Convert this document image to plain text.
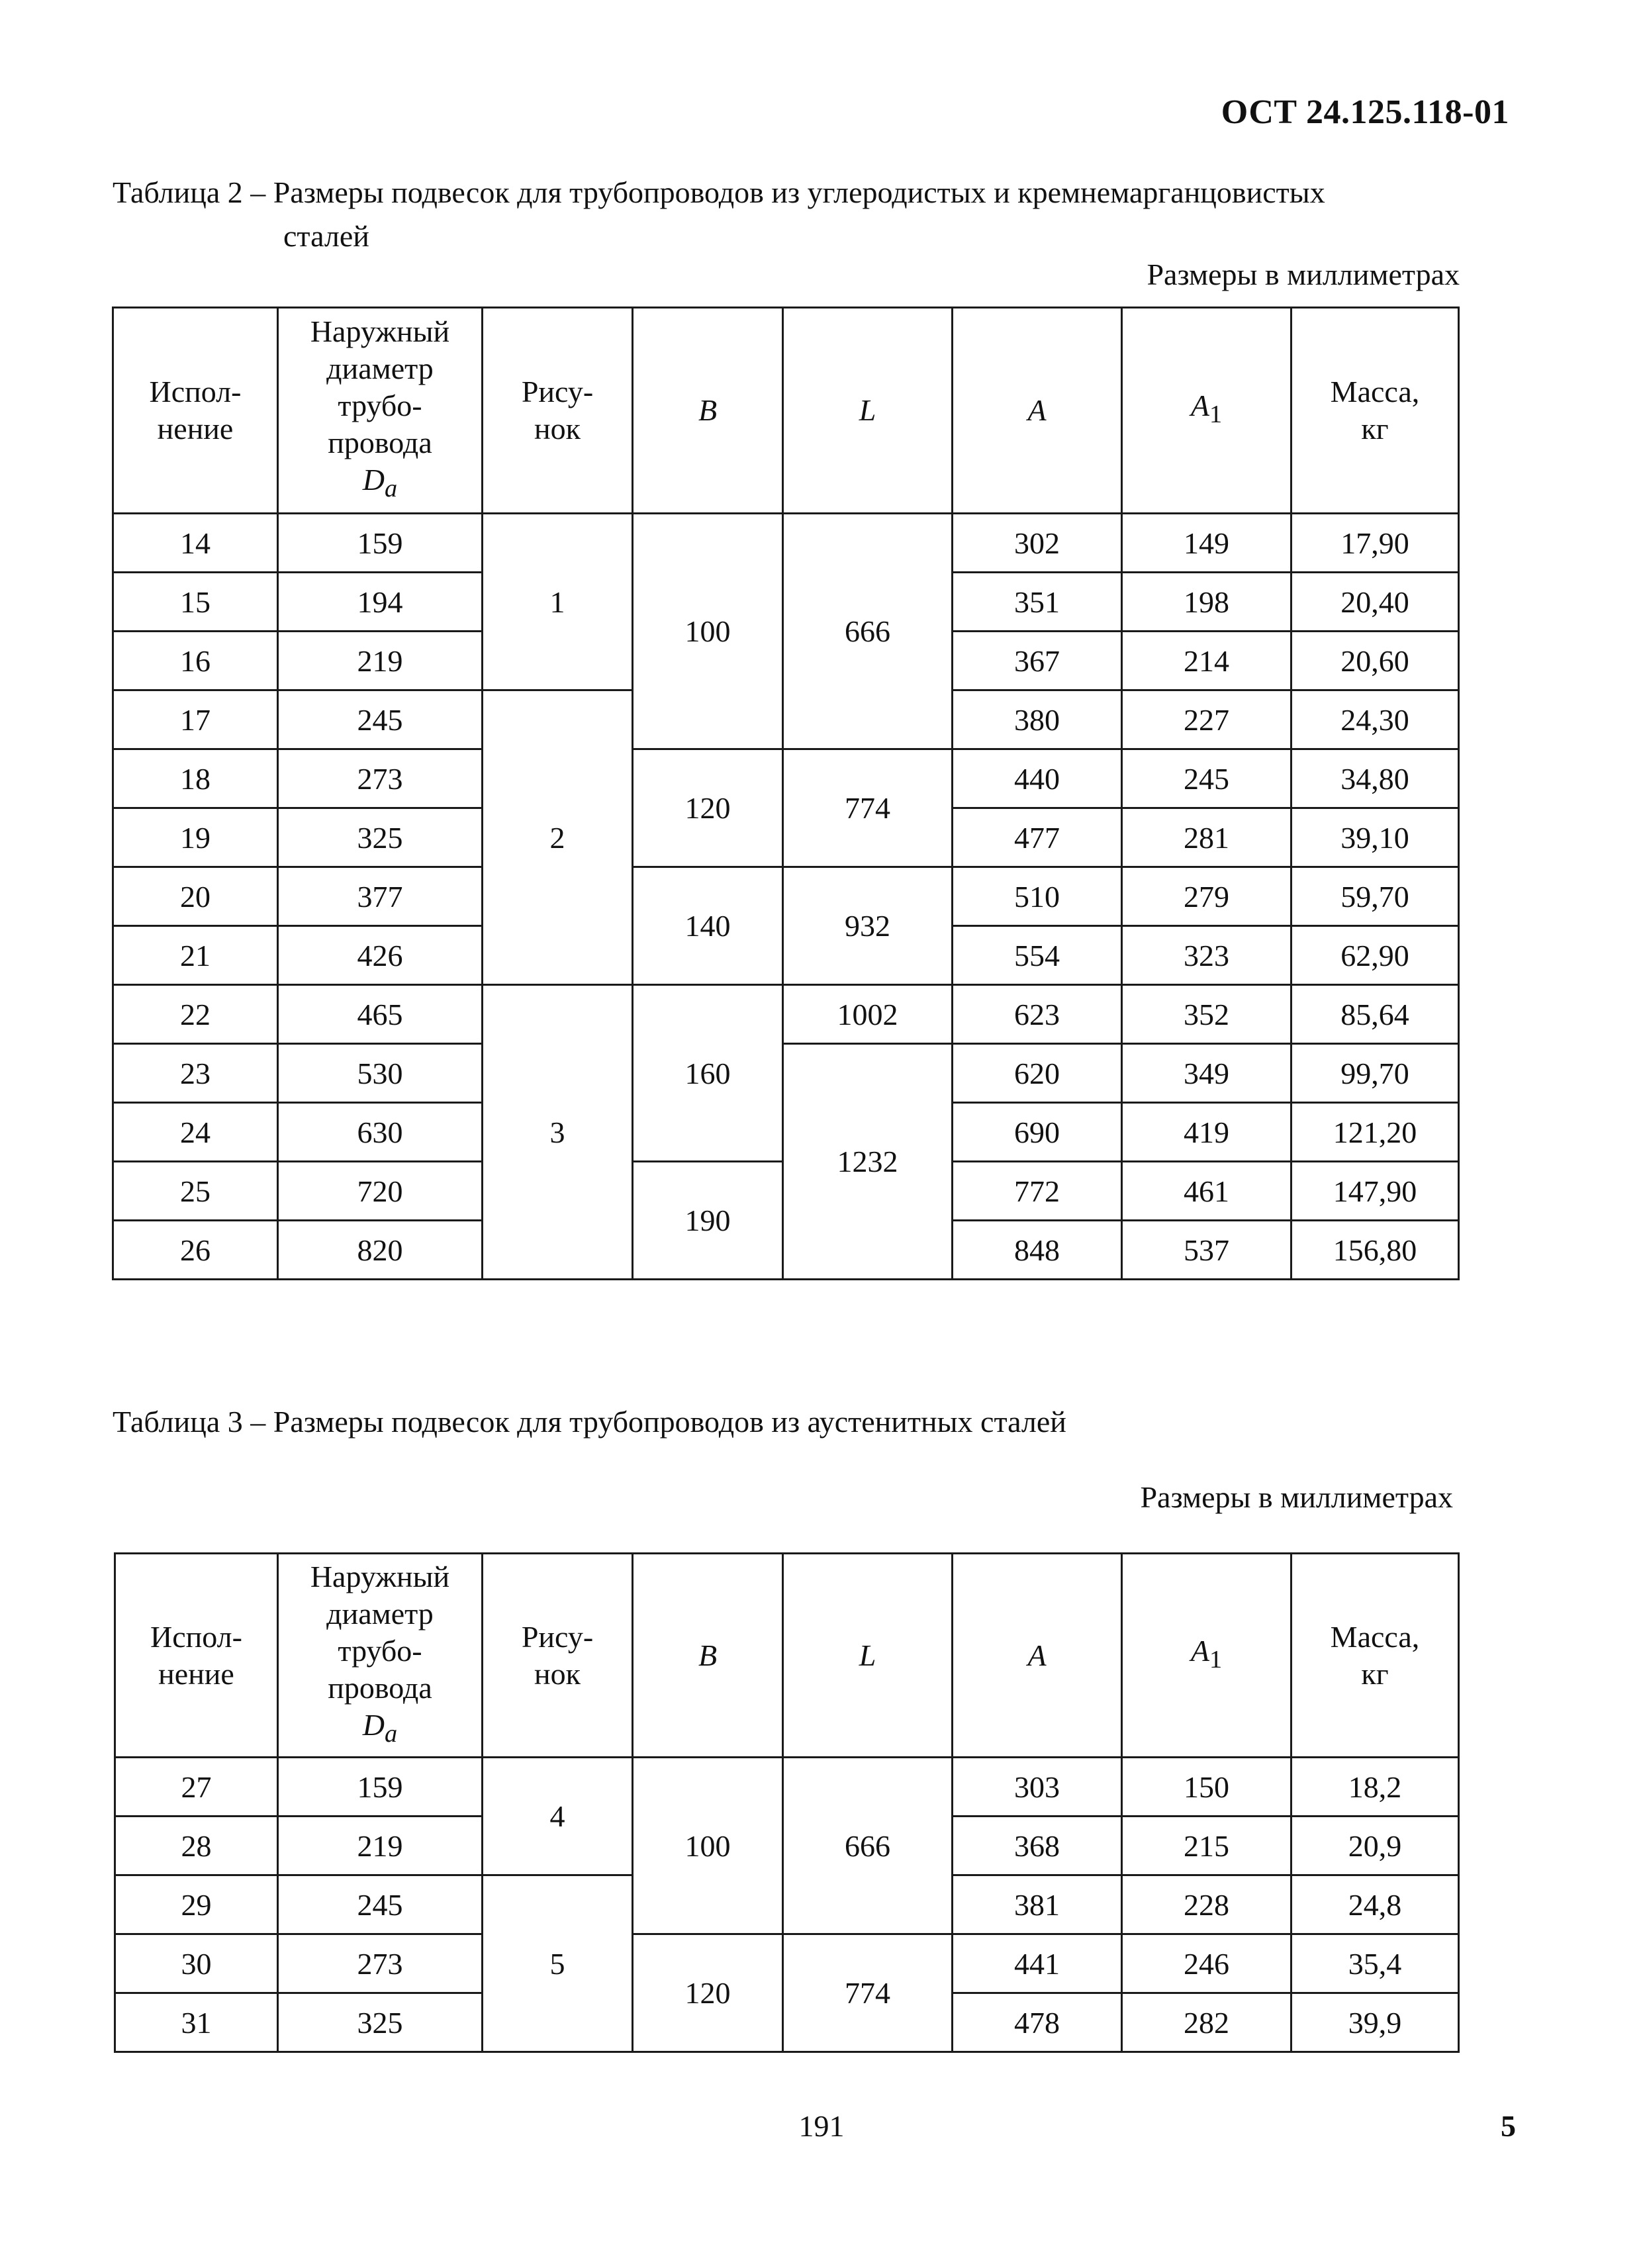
ОСТ 24.125.118-01
Таблица 2 – Размеры подвесок для трубопроводов из углеродистых и кремнемарганцовистых
сталей
Размеры в миллиметрах
Испол-
нение	Наружный
диаметр
трубо-
провода
$D_a$	Рису-
нок	B	L	A	$A_1$	Масса,
кг
14	159	1	100	666	302	149	17,90
15	194				351	198	20,40
16	219				367	214	20,60
17	245	2			380	227	24,30
18	273		120	774	440	245	34,80
19	325				477	281	39,10
20	377		140	932	510	279	59,70
21	426				554	323	62,90
22	465	3	160	1002	623	352	85,64
23	530			1232	620	349	99,70
24	630				690	419	121,20
25	720		190		772	461	147,90
26	820				848	537	156,80
Таблица 3 – Размеры подвесок для трубопроводов из аустенитных сталей
Размеры в миллиметрах
Испол-
нение	Наружный
диаметр
трубо-
провода
$D_a$	Рису-
нок	B	L	A	$A_1$	Масса,
кг
27	159	4	100	666	303	150	18,2
28	219				368	215	20,9
29	245	5			381	228	24,8
30	273		120	774	441	246	35,4
31	325				478	282	39,9
191	5
